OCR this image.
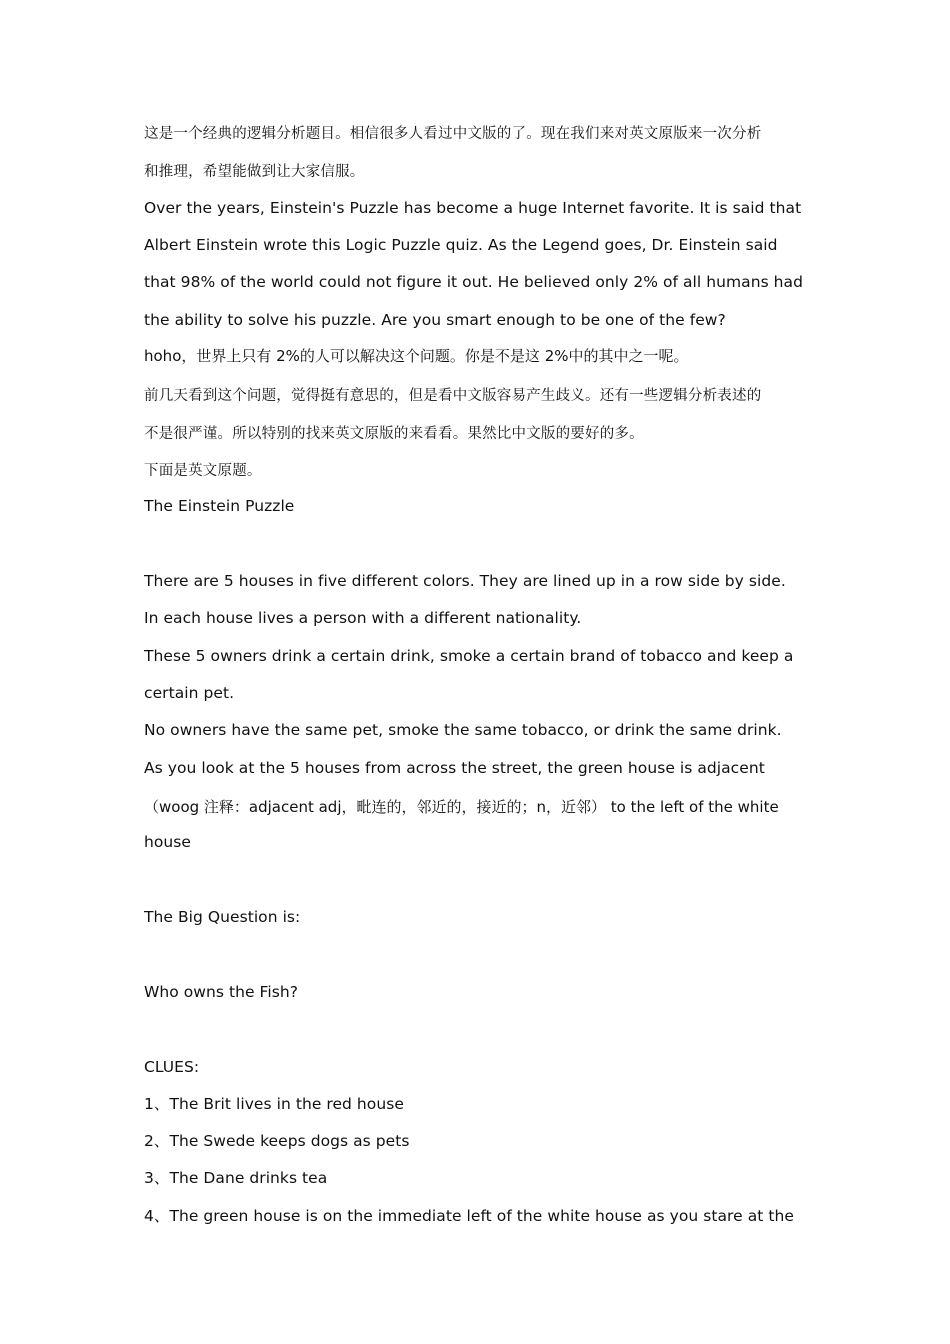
这是一个经典的逻辑分析题目。相信很多人看过中文版的了。现在我们来对英文原版来一次分析

和推理，希望能做到让大家信服。

Over the years, Einstein's Puzzle has become a huge Internet favorite. It is said that

Albert Einstein wrote this Logic Puzzle quiz. As the Legend goes, Dr. Einstein said

that 98% of the world could not figure it out. He believed only 2% of all humans had

the ability to solve his puzzle. Are you smart enough to be one of the few?

hoho，世界上只有 2%的人可以解决这个问题。你是不是这 2%中的其中之一呢。

前几天看到这个问题，觉得挺有意思的，但是看中文版容易产生歧义。还有一些逻辑分析表述的

不是很严谨。所以特别的找来英文原版的来看看。果然比中文版的要好的多。

下面是英文原题。

The Einstein Puzzle

There are 5 houses in five different colors. They are lined up in a row side by side.

In each house lives a person with a different nationality.

These 5 owners drink a certain drink, smoke a certain brand of tobacco and keep a

certain pet.

No owners have the same pet, smoke the same tobacco, or drink the same drink.

As you look at the 5 houses from across the street, the green house is adjacent

（woog 注释：adjacent adj，毗连的，邻近的，接近的；n，近邻） to the left of the white

house

The Big Question is:

Who owns the Fish?

CLUES:

1、The Brit lives in the red house

2、The Swede keeps dogs as pets

3、The Dane drinks tea

4、The green house is on the immediate left of the white house as you stare at the
